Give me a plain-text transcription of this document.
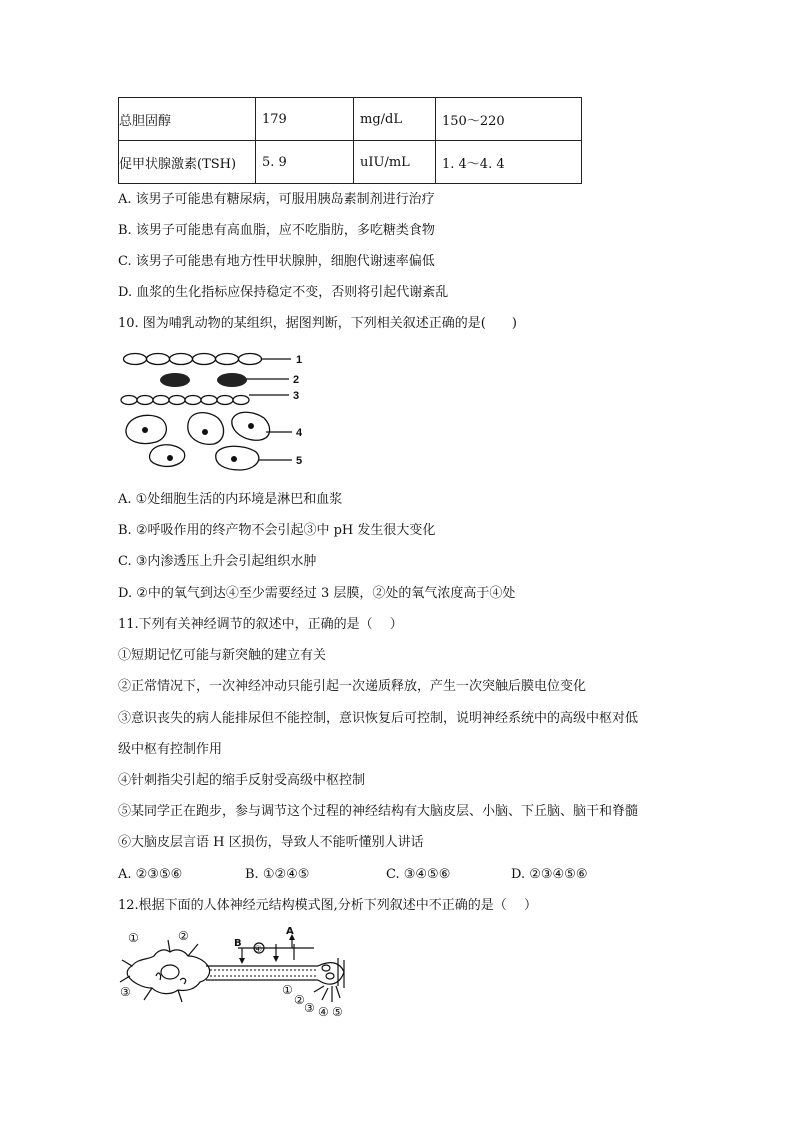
总胆固醇	179	mg/dL	150～220
促甲状腺激素(TSH)	5. 9	uIU/mL	1. 4～4. 4
A. 该男子可能患有糖尿病，可服用胰岛素制剂进行治疗
B. 该男子可能患有高血脂，应不吃脂肪，多吃糖类食物
C. 该男子可能患有地方性甲状腺肿，细胞代谢速率偏低
D. 血浆的生化指标应保持稳定不变，否则将引起代谢紊乱
10. 图为哺乳动物的某组织，据图判断，下列相关叙述正确的是(　　)
1
2
3
4
5
A. ①处细胞生活的内环境是淋巴和血浆
B. ②呼吸作用的终产物不会引起③中 pH 发生很大变化
C. ③内渗透压上升会引起组织水肿
D. ②中的氧气到达④至少需要经过 3 层膜，②处的氧气浓度高于④处
11.下列有关神经调节的叙述中，正确的是（　 ）
①短期记忆可能与新突触的建立有关
②正常情况下，一次神经冲动只能引起一次递质释放，产生一次突触后膜电位变化
③意识丧失的病人能排尿但不能控制，意识恢复后可控制，说明神经系统中的高级中枢对低
级中枢有控制作用
④针刺指尖引起的缩手反射受高级中枢控制
⑤某同学正在跑步，参与调节这个过程的神经结构有大脑皮层、小脑、下丘脑、脑干和脊髓
⑥大脑皮层言语 H 区损伤，导致人不能听懂别人讲话
A. ②③⑤⑥	B. ①②④⑤	C. ③④⑤⑥	D. ②③④⑤⑥
12.根据下面的人体神经元结构模式图,分析下列叙述中不正确的是（　 ）
①	②
③
B
④
A
①
②
③ ④ ⑤
